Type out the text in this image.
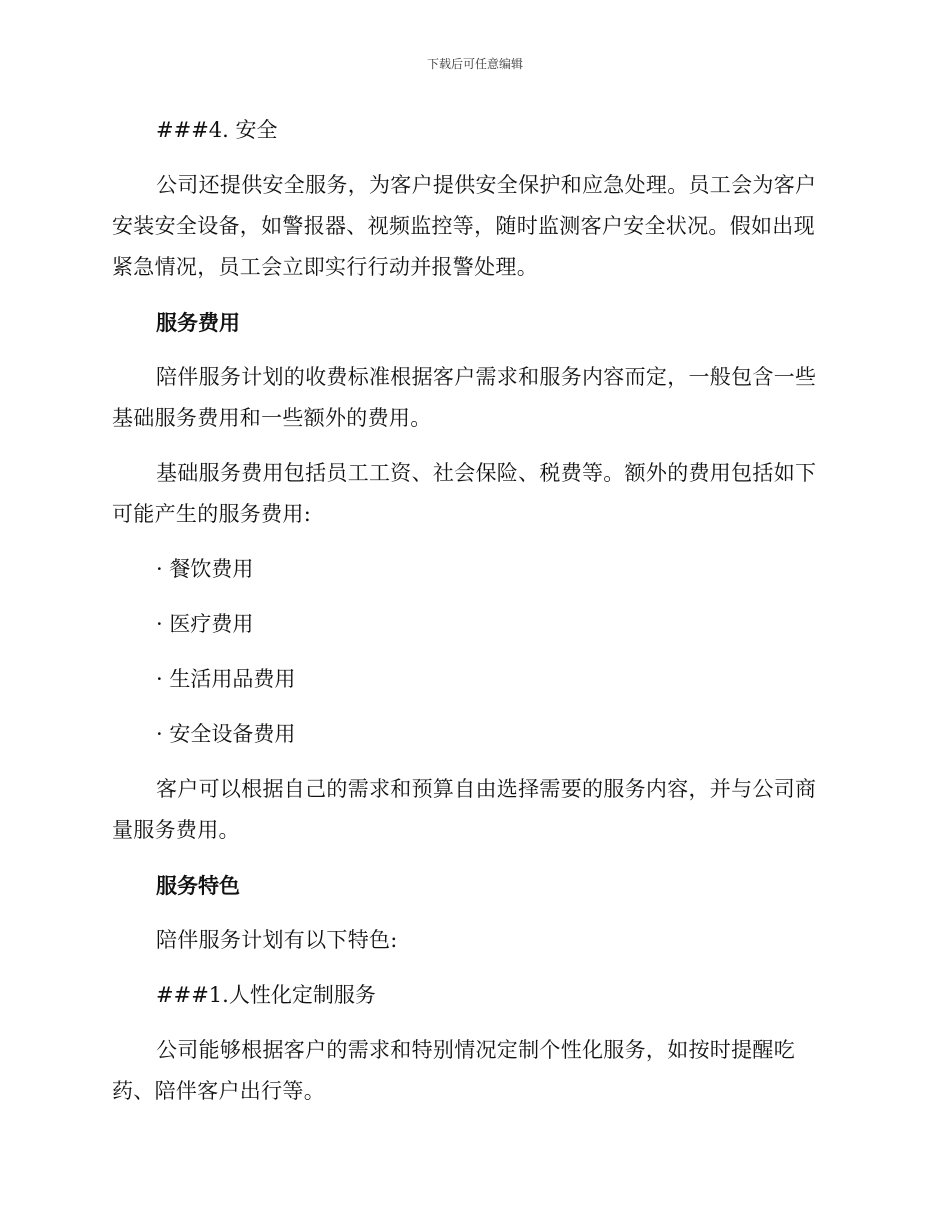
下载后可任意编辑
###4. 安全

公司还提供安全服务，为客户提供安全保护和应急处理。员工会为客户安装安全设备，如警报器、视频监控等，随时监测客户安全状况。假如出现紧急情况，员工会立即实行行动并报警处理。

服务费用

陪伴服务计划的收费标准根据客户需求和服务内容而定，一般包含一些基础服务费用和一些额外的费用。

基础服务费用包括员工工资、社会保险、税费等。额外的费用包括如下可能产生的服务费用:

· 餐饮费用
· 医疗费用
· 生活用品费用
· 安全设备费用

客户可以根据自己的需求和预算自由选择需要的服务内容，并与公司商量服务费用。

服务特色

陪伴服务计划有以下特色:

###1.人性化定制服务

公司能够根据客户的需求和特别情况定制个性化服务，如按时提醒吃药、陪伴客户出行等。
